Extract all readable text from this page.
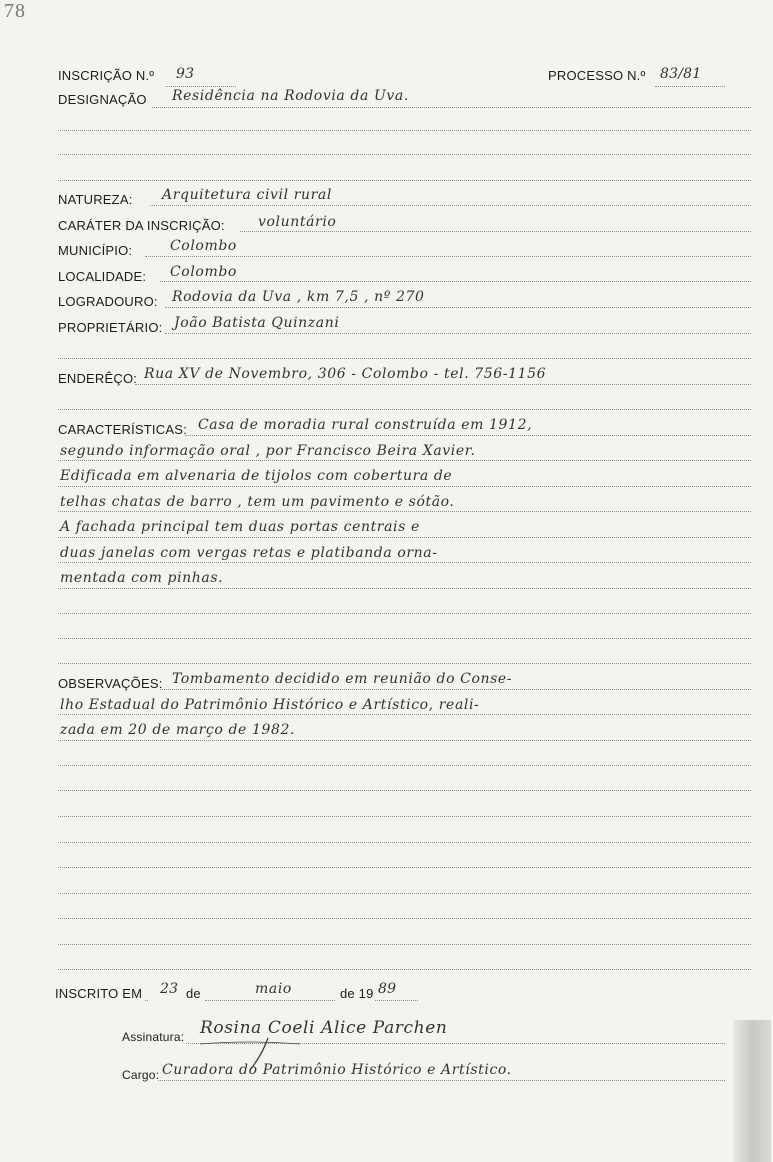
78
INSCRIÇÃO N.º 93	PROCESSO N.º 83/81
DESIGNAÇÃO Residência na Rodovia da Uva.
NATUREZA: Arquitetura civil rural
CARÁTER DA INSCRIÇÃO: voluntário
MUNICÍPIO:	Colombo
LOCALIDADE: Colombo
LOGRADOURO: Rodovia da Uva , km 7,5 , nº 270
PROPRIETÁRIO: João Batista Quinzani
ENDERÊÇO: Rua XV de Novembro, 306 - Colombo - tel. 756-1156
CARACTERÍSTICAS: Casa de moradia rural construída em 1912,
segundo informação oral , por Francisco Beira Xavier.
Edificada em alvenaria de tijolos com cobertura de
telhas chatas de barro , tem um pavimento e sótão.
A fachada principal tem duas portas centrais e
duas janelas com vergas retas e platibanda orna-
mentada com pinhas.
OBSERVAÇÕES: Tombamento decidido em reunião do Conse-
lho Estadual do Patrimônio Histórico e Artístico, reali-
zada em 20 de março de 1982.
INSCRITO EM 23 de	maio	de 19 89
Assinatura: Rosina Coeli Alice Parchen
Cargo: Curadora do Patrimônio Histórico e Artístico.
